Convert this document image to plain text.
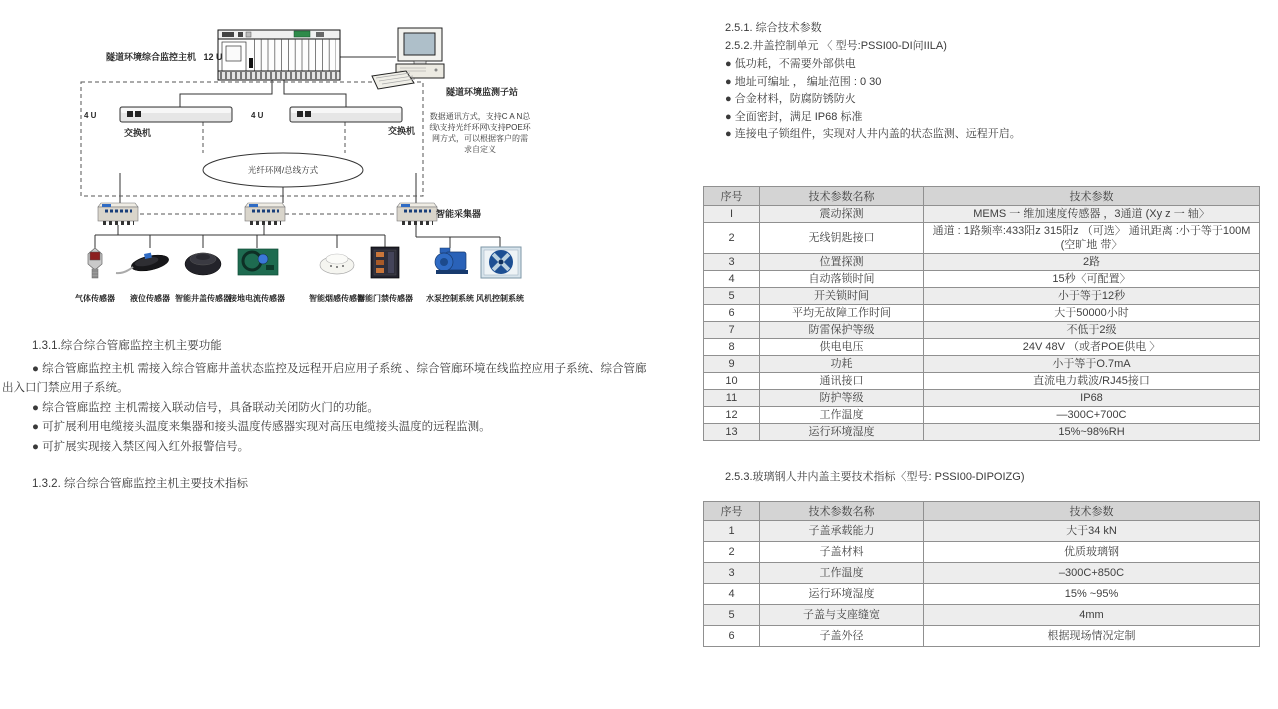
隧道环境综合监控主机 12 U
隧道环境监测子站
4 U	4 U
交换机	交换机
光纤环网/总线方式
数据通讯方式，支持C A N总线\支持光纤环网\支持POE环网方式，可以根据客户的需求自定义
智能采集器
气体传感器	液位传感器 智能井盖传感器
接地电流传感器	智能烟感传感器
智能门禁传感器	水泵控制系统 风机控制系统

1.3.1.综合综合管廊监控主机主要功能

● 综合管廊监控主机 需接入综合管廊井盖状态监控及远程开启应用子系统 、综合管廊环境在线监控应用子系统、综合管廊出入口门禁应用子系统。

● 综合管廊监控 主机需接入联动信号，具备联动关闭防火门的功能。

● 可扩展利用电缆接头温度来集器和接头温度传感器实现对高压电缆接头温度的远程监测。

● 可扩展实现接入禁区闯入红外报警信号。

1.3.2. 综合综合管廊监控主机主要技术指标

2.5.1. 综合技术参数

2.5.2.井盖控制单元 〈 型号:PSSI00-DI问IILA)

● 低功耗，不需要外部供电

● 地址可编址 ， 编址范围 : 0 30

● 合金材料，防腐防锈防火

● 全面密封，满足 IP68 标准

● 连接电子锁组件，实现对人井内盖的状态监测、远程开启。

序号	技术参数名称	技术参数
I	震动探测	MEMS 一 维加速度传感器 ，3通道 (Xy z 一 轴〉
2	无线钥匙接口	通道 : 1路频率:433阳z 315阳z （可选〉 通讯距离 :小于等于100M (空旷地 带〉
3	位置探测	2路
4	自动落锁时间	15秒〈可配置〉
5	开关锁时间	小于等于12秒
6	平均无故障工作时间	大于50000小时
7	防雷保护等级	不低于2级
8	供电电压	24V 48V （或者POE供电 〉
9	功耗	小于等于O.7mA
10	通讯接口	直流电力载波/RJ45接口
11	防护等级	IP68
12	工作温度	—300C+700C
13	运行环境湿度	15%~98%RH

2.5.3.玻璃钢人井内盖主要技术指标〈型号: PSSI00-DIPOIZG)

序号	技术参数名称	技术参数
1	子盖承载能力	大于34 kN
2	子盖材料	优质玻璃钢
3	工作温度	–300C+850C
4	运行环境湿度	15% ~95%
5	子盖与支座缝宽	4mm
6	子盖外径	根据现场情况定制
